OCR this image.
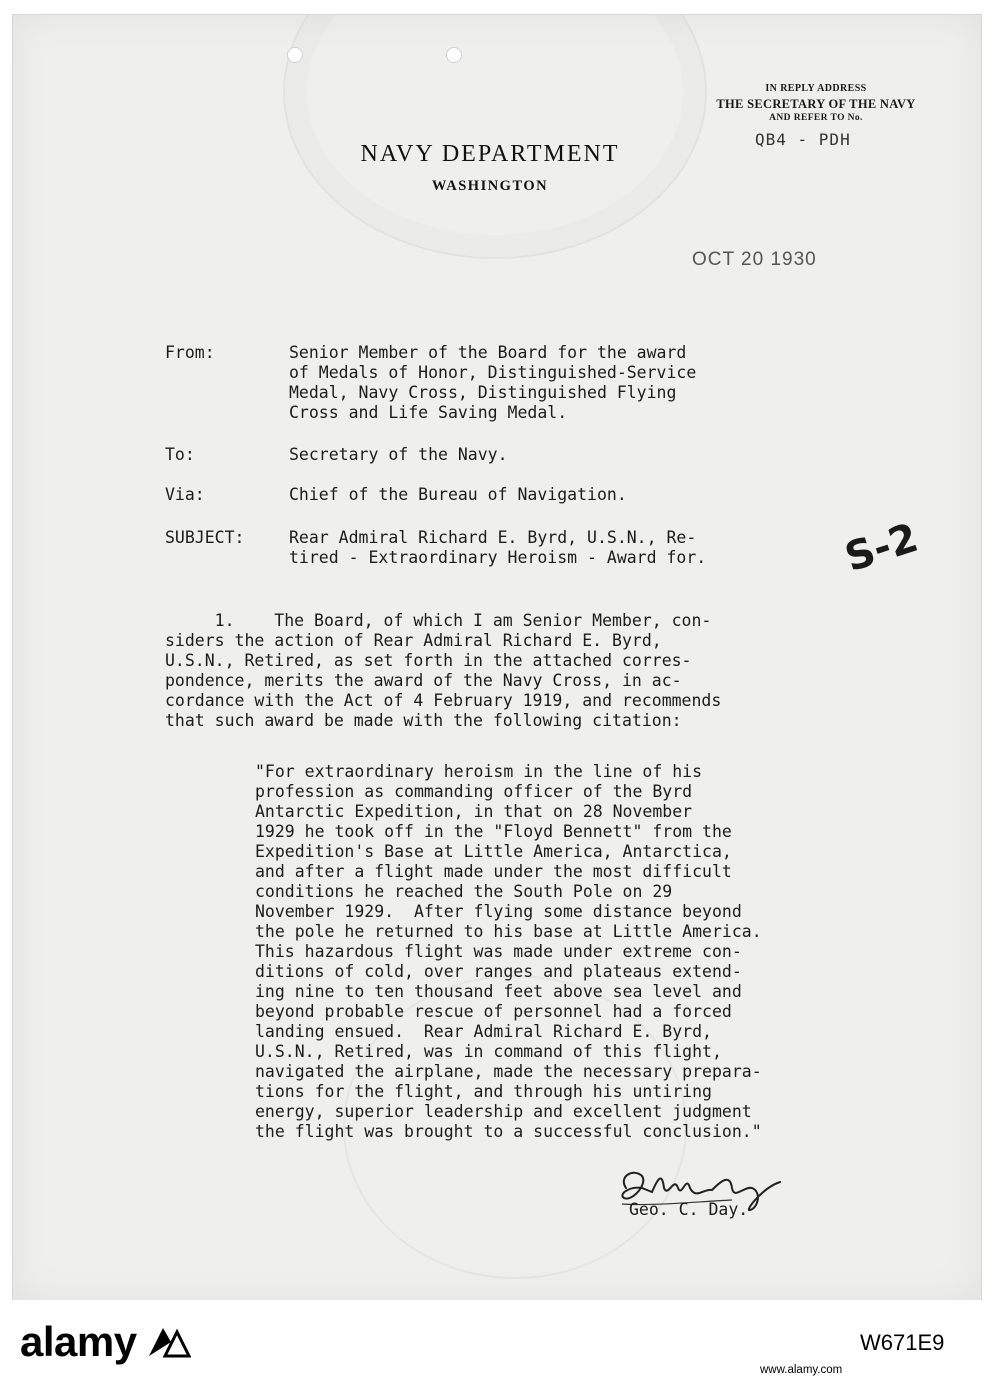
IN REPLY ADDRESS
THE SECRETARY OF THE NAVY
AND REFER TO No.
QB4 - PDH
NAVY DEPARTMENT
WASHINGTON
OCT 20 1930
From:	Senior Member of the Board for the award
of Medals of Honor, Distinguished-Service
Medal, Navy Cross, Distinguished Flying
Cross and Life Saving Medal.
To:	Secretary of the Navy.
Via:	Chief of the Bureau of Navigation.
SUBJECT:	Rear Admiral Richard E. Byrd, U.S.N., Re-
tired - Extraordinary Heroism - Award for.	S-2
1.    The Board, of which I am Senior Member, con-
siders the action of Rear Admiral Richard E. Byrd,
U.S.N., Retired, as set forth in the attached corres-
pondence, merits the award of the Navy Cross, in ac-
cordance with the Act of 4 February 1919, and recommends
that such award be made with the following citation:
"For extraordinary heroism in the line of his
profession as commanding officer of the Byrd
Antarctic Expedition, in that on 28 November
1929 he took off in the "Floyd Bennett" from the
Expedition's Base at Little America, Antarctica,
and after a flight made under the most difficult
conditions he reached the South Pole on 29
November 1929.  After flying some distance beyond
the pole he returned to his base at Little America.
This hazardous flight was made under extreme con-
ditions of cold, over ranges and plateaus extend-
ing nine to ten thousand feet above sea level and
beyond probable rescue of personnel had a forced
landing ensued.  Rear Admiral Richard E. Byrd,
U.S.N., Retired, was in command of this flight,
navigated the airplane, made the necessary prepara-
tions for the flight, and through his untiring
energy, superior leadership and excellent judgment
the flight was brought to a successful conclusion."
Geo. C. Day.
alamy	W671E9
www.alamy.com
